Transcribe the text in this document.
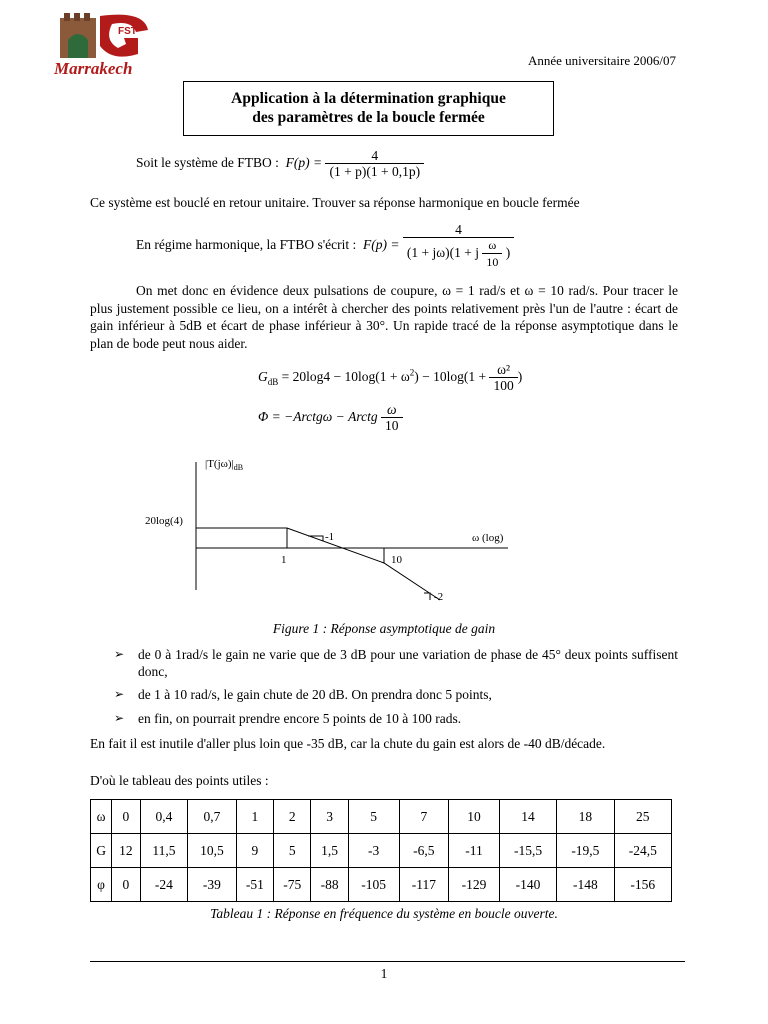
FST
Marrakech	Année universitaire 2006/07
Application à la détermination graphique
des paramètres de la boucle fermée
Soit le système de FTBO : $F(p) = \frac{4}{(1 + p)(1 + 0,1p)}$
Ce système est bouclé en retour unitaire. Trouver sa réponse harmonique en boucle fermée
En régime harmonique, la FTBO s'écrit : $F(p) = \frac{4}{(1 + j\omega)(1 + j \frac{\omega}{10} )}$
On met donc en évidence deux pulsations de coupure, ω = 1 rad/s et ω = 10 rad/s. Pour tracer le plus justement possible ce lieu, on a intérêt à chercher des points relativement près l'un de l'autre : écart de gain inférieur à 5dB et écart de phase inférieur à 30°. Un rapide tracé de la réponse asymptotique dans le plan de bode peut nous aider.
$G_{dB} = 20\log 4 - 10\log(1 + \omega^2) - 10\log(1 + \frac{\text{ω²}}{100}$ )
Φ = −Arctgω − Arctg $\frac{\omega}{10}$
$|T(j\omega)|_{dB}$
20log(4)
ω (log)
1	10
-1
-2
Figure 1 : Réponse asymptotique de gain
➢ de 0 à 1rad/s le gain ne varie que de 3 dB pour une variation de phase de 45° deux points suffisent donc,
➢ de 1 à 10 rad/s, le gain chute de 20 dB. On prendra donc 5 points,
➢ en fin, on pourrait prendre encore 5 points de 10 à 100 rads.
En fait il est inutile d'aller plus loin que -35 dB, car la chute du gain est alors de -40 dB/décade.
D'où le tableau des points utiles :
ω	0	0,4	0,7	1	2	3	5	7	10	14	18	25
G	12	11,5	10,5	9	5	1,5	-3	-6,5	-11	-15,5	-19,5	-24,5
φ	0	-24	-39	-51	-75	-88	-105	-117	-129	-140	-148	-156
Tableau 1 : Réponse en fréquence du système en boucle ouverte.
1
